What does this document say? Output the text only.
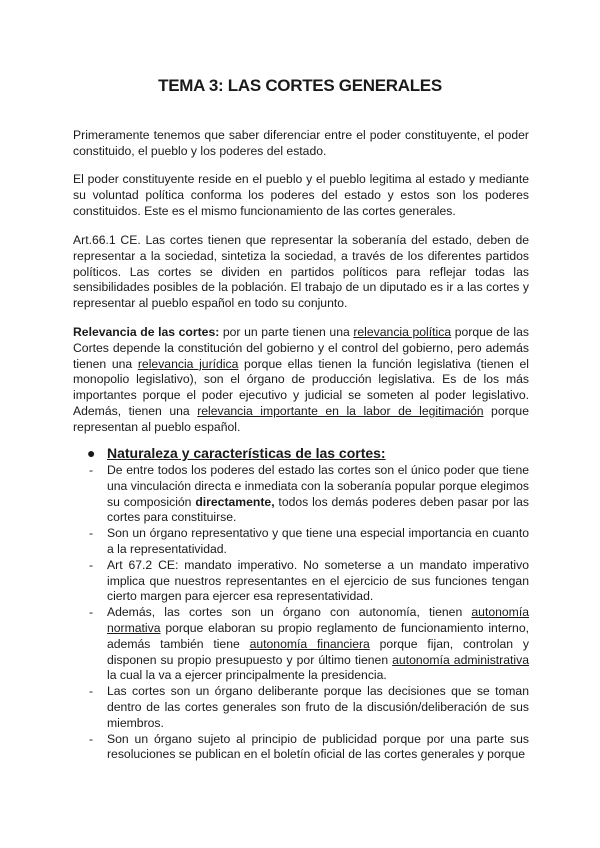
TEMA 3: LAS CORTES GENERALES

Primeramente tenemos que saber diferenciar entre el poder constituyente, el poder constituido, el pueblo y los poderes del estado.

El poder constituyente reside en el pueblo y el pueblo legitima al estado y mediante su voluntad política conforma los poderes del estado y estos son los poderes constituidos. Este es el mismo funcionamiento de las cortes generales.

Art.66.1 CE. Las cortes tienen que representar la soberanía del estado, deben de representar a la sociedad, sintetiza la sociedad, a través de los diferentes partidos políticos. Las cortes se dividen en partidos políticos para reflejar todas las sensibilidades posibles de la población. El trabajo de un diputado es ir a las cortes y representar al pueblo español en todo su conjunto.

Relevancia de las cortes: por un parte tienen una relevancia política porque de las Cortes depende la constitución del gobierno y el control del gobierno, pero además tienen una relevancia jurídica porque ellas tienen la función legislativa (tienen el monopolio legislativo), son el órgano de producción legislativa. Es de los más importantes porque el poder ejecutivo y judicial se someten al poder legislativo. Además, tienen una relevancia importante en la labor de legitimación porque representan al pueblo español.

● Naturaleza y características de las cortes:
- De entre todos los poderes del estado las cortes son el único poder que tiene una vinculación directa e inmediata con la soberanía popular porque elegimos su composición directamente, todos los demás poderes deben pasar por las cortes para constituirse.
- Son un órgano representativo y que tiene una especial importancia en cuanto a la representatividad.
- Art 67.2 CE: mandato imperativo. No someterse a un mandato imperativo implica que nuestros representantes en el ejercicio de sus funciones tengan cierto margen para ejercer esa representatividad.
- Además, las cortes son un órgano con autonomía, tienen autonomía normativa porque elaboran su propio reglamento de funcionamiento interno, además también tiene autonomía financiera porque fijan, controlan y disponen su propio presupuesto y por último tienen autonomía administrativa la cual la va a ejercer principalmente la presidencia.
- Las cortes son un órgano deliberante porque las decisiones que se toman dentro de las cortes generales son fruto de la discusión/deliberación de sus miembros.
- Son un órgano sujeto al principio de publicidad porque por una parte sus resoluciones se publican en el boletín oficial de las cortes generales y porque
